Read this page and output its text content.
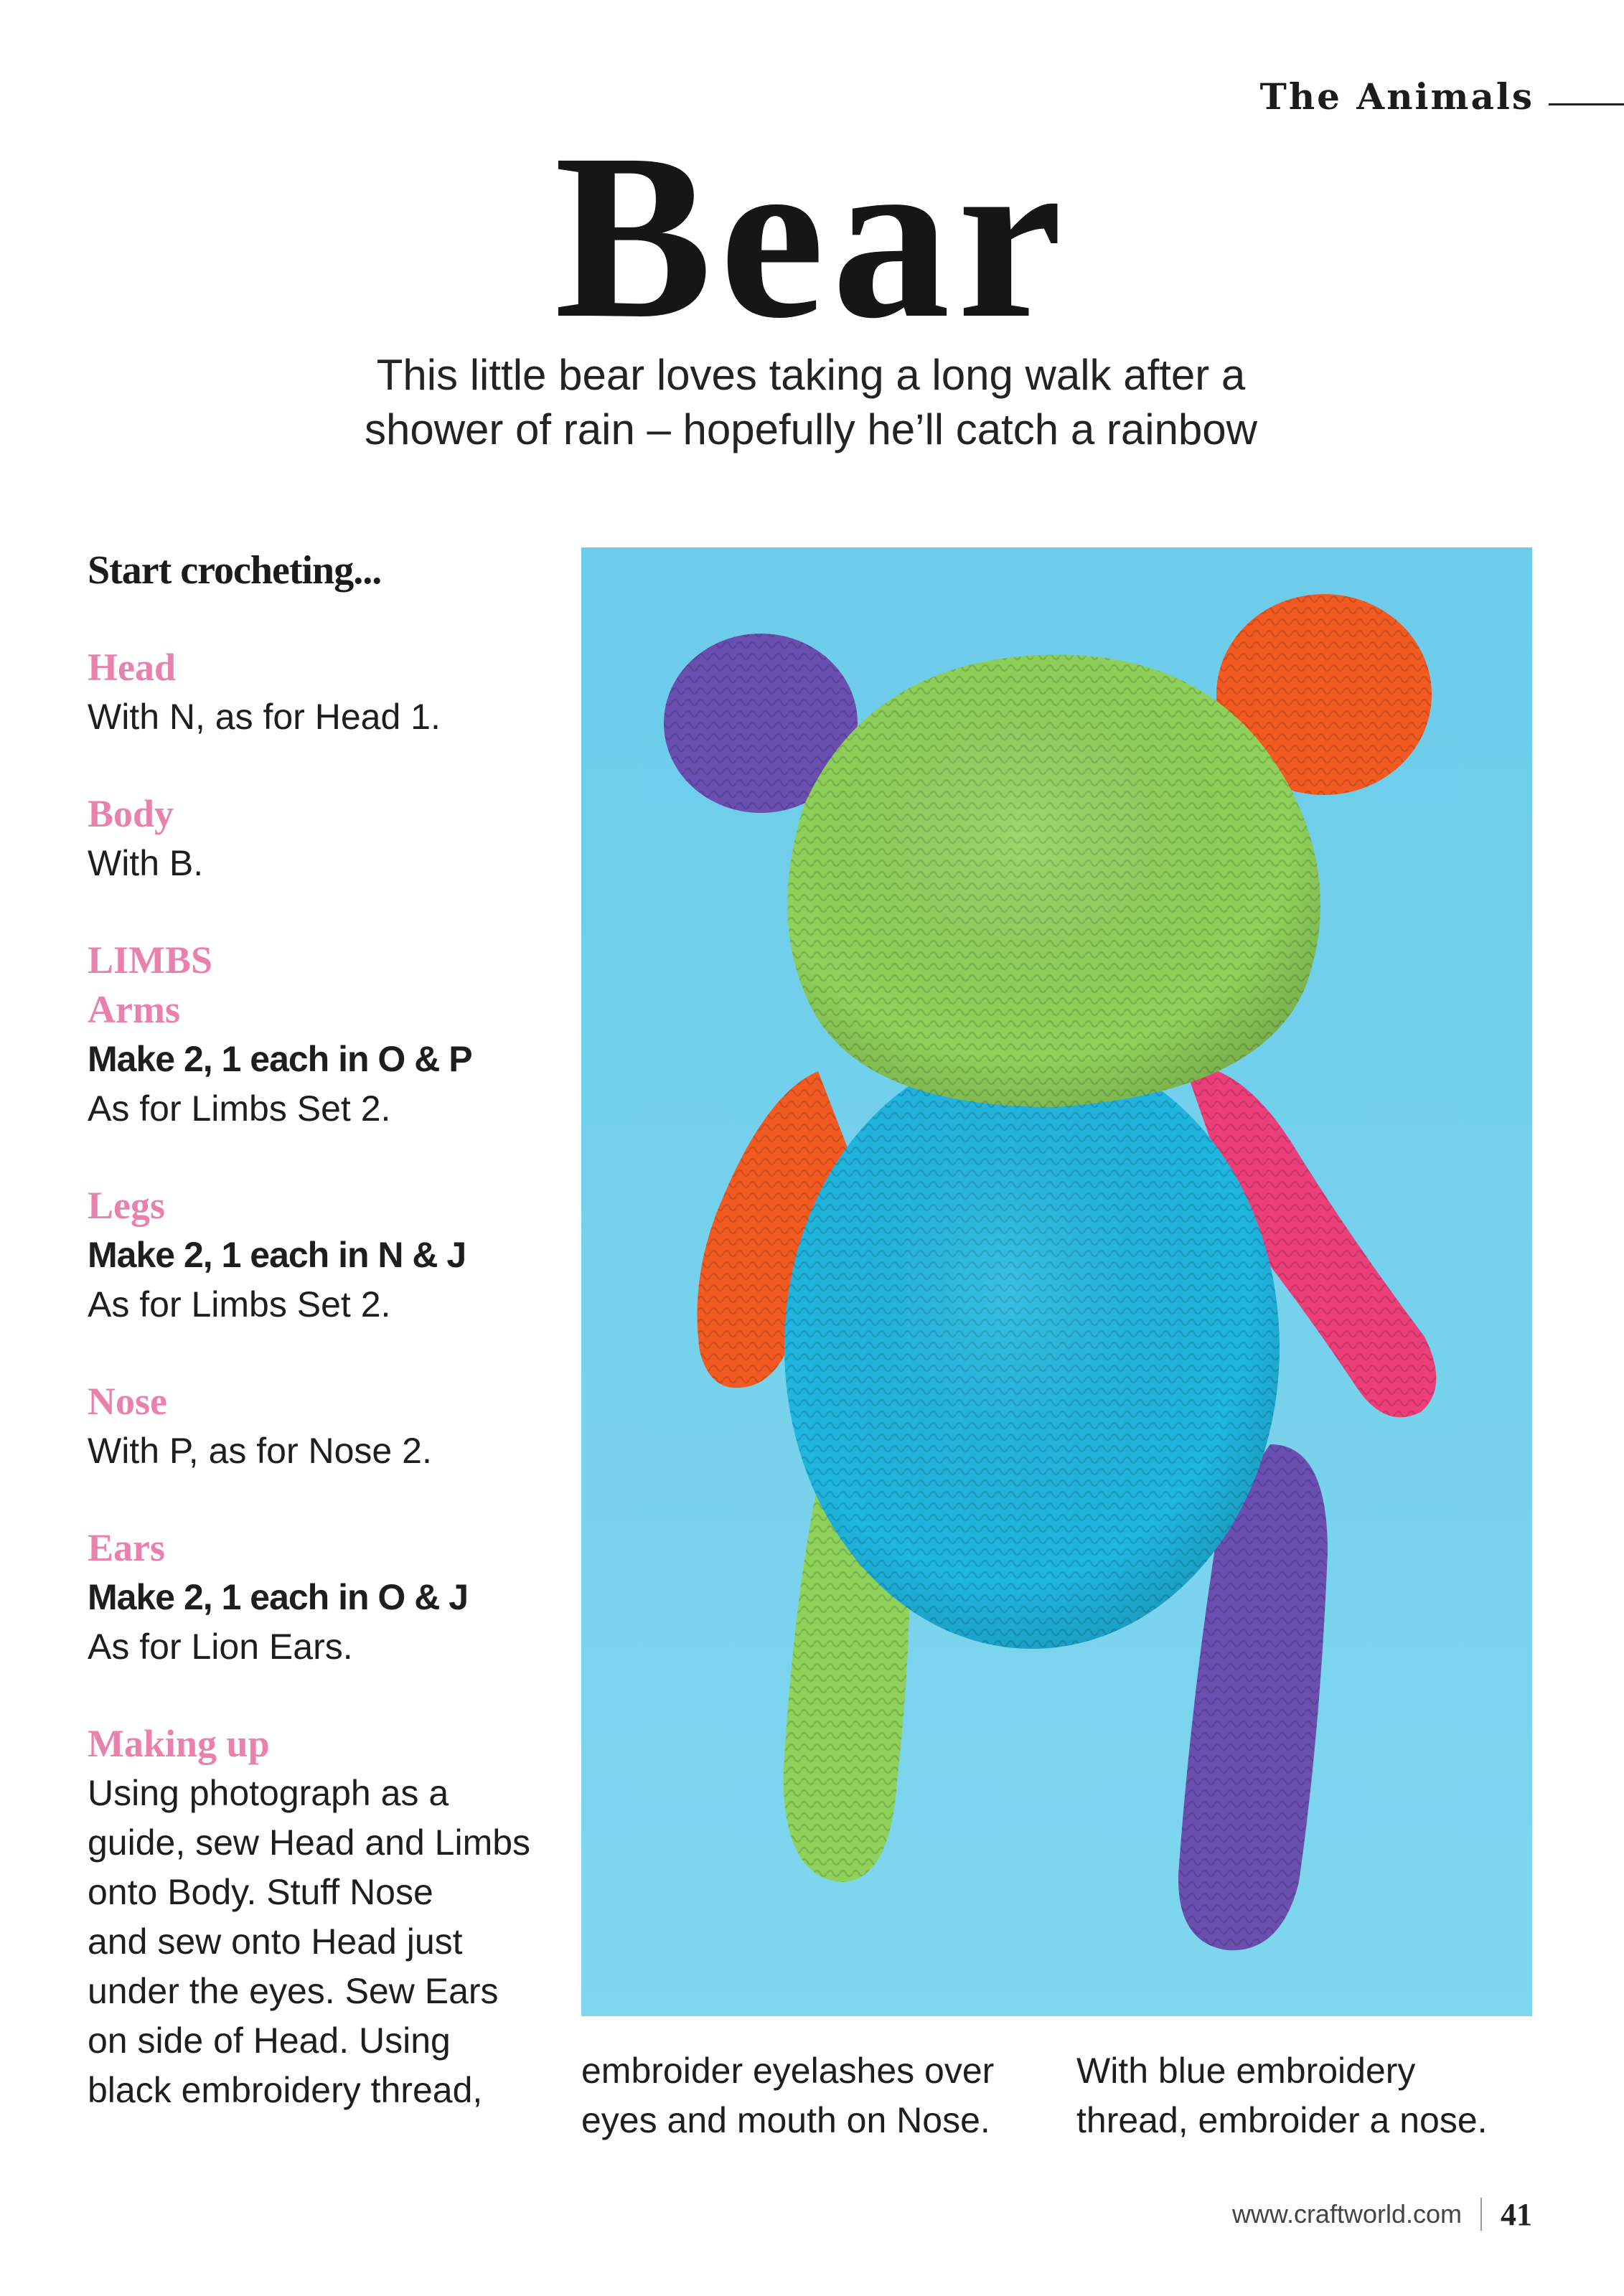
The Animals
Bear
This little bear loves taking a long walk after a
shower of rain – hopefully he’ll catch a rainbow
Start crocheting...
Head
With N, as for Head 1.
Body
With B.
LIMBS
Arms
Make 2, 1 each in O & P
As for Limbs Set 2.
Legs
Make 2, 1 each in N & J
As for Limbs Set 2.
Nose
With P, as for Nose 2.
Ears
Make 2, 1 each in O & J
As for Lion Ears.
Making up
Using photograph as a
guide, sew Head and Limbs
onto Body. Stuff Nose
and sew onto Head just
under the eyes. Sew Ears
on side of Head. Using
black embroidery thread,	embroider eyelashes over
eyes and mouth on Nose.
With blue embroidery
thread, embroider a nose.
www.craftworld.com 41
